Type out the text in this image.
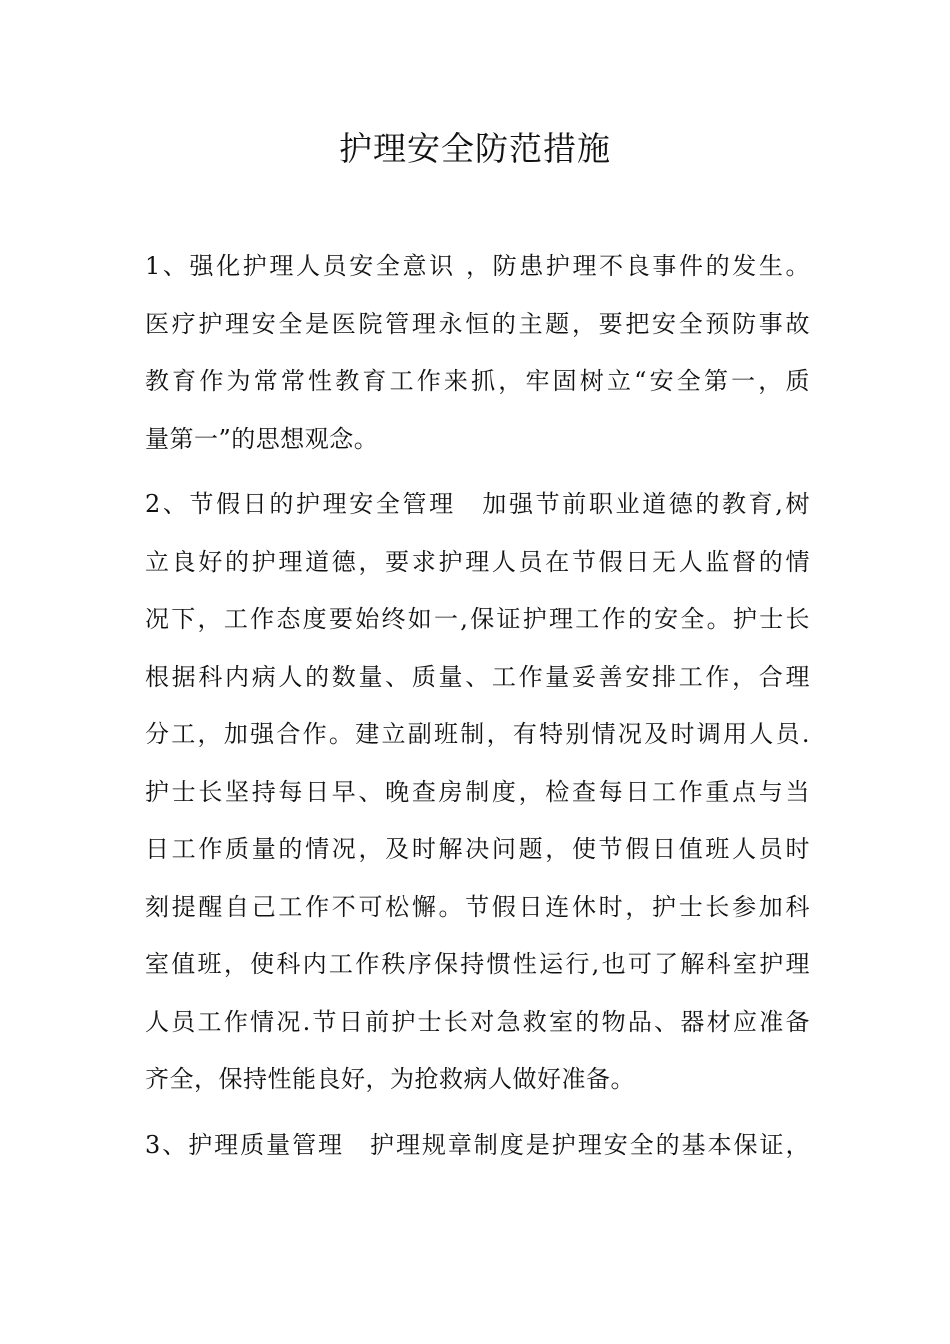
护理安全防范措施
1、强化护理人员安全意识 ，防患护理不良事件的发生。
医疗护理安全是医院管理永恒的主题，要把安全预防事故
教育作为常常性教育工作来抓，牢固树立“安全第一，质
量第一”的思想观念。
2、节假日的护理安全管理　加强节前职业道德的教育,树
立良好的护理道德，要求护理人员在节假日无人监督的情
况下，工作态度要始终如一,保证护理工作的安全。护士长
根据科内病人的数量、质量、工作量妥善安排工作，合理
分工，加强合作。建立副班制，有特别情况及时调用人员.
护士长坚持每日早、晚查房制度，检查每日工作重点与当
日工作质量的情况，及时解决问题，使节假日值班人员时
刻提醒自己工作不可松懈。节假日连休时，护士长参加科
室值班，使科内工作秩序保持惯性运行,也可了解科室护理
人员工作情况.节日前护士长对急救室的物品、器材应准备
齐全，保持性能良好，为抢救病人做好准备。
3、护理质量管理　护理规章制度是护理安全的基本保证，
